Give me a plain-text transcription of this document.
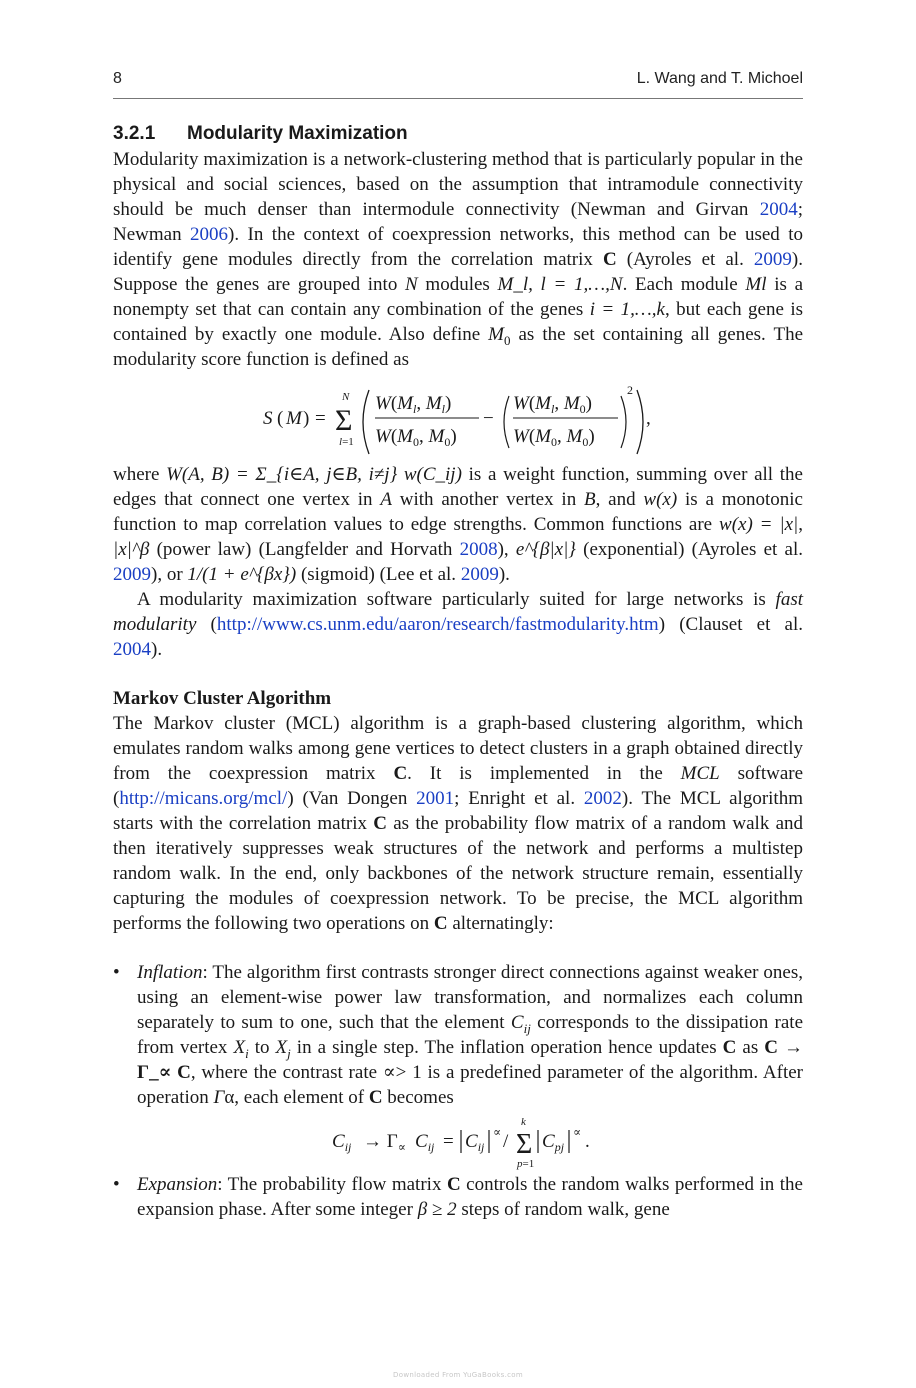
8	L. Wang and T. Michoel
3.2.1 Modularity Maximization

Modularity maximization is a network-clustering method that is particularly popular in the physical and social sciences, based on the assumption that intramodule connectivity should be much denser than intermodule connectivity (Newman and Girvan 2004; Newman 2006). In the context of coexpression networks, this method can be used to identify gene modules directly from the correlation matrix C (Ayroles et al. 2009). Suppose the genes are grouped into N modules M_l, l = 1,…,N. Each module Ml is a nonempty set that can contain any combination of the genes i = 1,…,k, but each gene is contained by exactly one module. Also define $M_0$ as the set containing all genes. The modularity score function is defined as

S ( M ) = Σ
N
l=1
$W(M_l$, $M_l$)
$W(M_0$, $M_0$)
−
$W(M_l$, $M_0$)
$W(M_0$, $M_0$)
2
,

where W(A, B) = Σ_{i∈A, j∈B, i≠j} w(C_ij) is a weight function, summing over all the edges that connect one vertex in A with another vertex in B, and w(x) is a monotonic function to map correlation values to edge strengths. Common functions are w(x) = |x|, |x|^β (power law) (Langfelder and Horvath 2008), e^{β|x|} (exponential) (Ayroles et al. 2009), or 1/(1 + e^{βx}) (sigmoid) (Lee et al. 2009).

A modularity maximization software particularly suited for large networks is fast modularity (http://www.cs.unm.edu/aaron/research/fastmodularity.htm) (Clauset et al. 2004).

Markov Cluster Algorithm

The Markov cluster (MCL) algorithm is a graph-based clustering algorithm, which emulates random walks among gene vertices to detect clusters in a graph obtained directly from the coexpression matrix C. It is implemented in the MCL software (http://micans.org/mcl/) (Van Dongen 2001; Enright et al. 2002). The MCL algorithm starts with the correlation matrix C as the probability flow matrix of a random walk and then iteratively suppresses weak structures of the network and performs a multistep random walk. In the end, only backbones of the network structure remain, essentially capturing the modules of coexpression network. To be precise, the MCL algorithm performs the following two operations on C alternatingly:

• Inflation: The algorithm first contrasts stronger direct connections against weaker ones, using an element-wise power law transformation, and normalizes each column separately to sum to one, such that the element $C_{ij}$ corresponds to the dissipation rate from vertex $X_i$ to $X_j$ in a single step. The inflation operation hence updates C as C → Γ_∝ C, where the contrast rate ∝> 1 is a predefined parameter of the algorithm. After operation Γα, each element of C becomes

$C_{ij} \to \Gamma_\propto$ $C_{ij} = C_{ij}$
∝ / Σ
k
p=1
$C_{pj}$
∝ .
• Expansion: The probability flow matrix C controls the random walks performed in the expansion phase. After some integer β ≥ 2 steps of random walk, gene

Downloaded From YuGaBooks.com
